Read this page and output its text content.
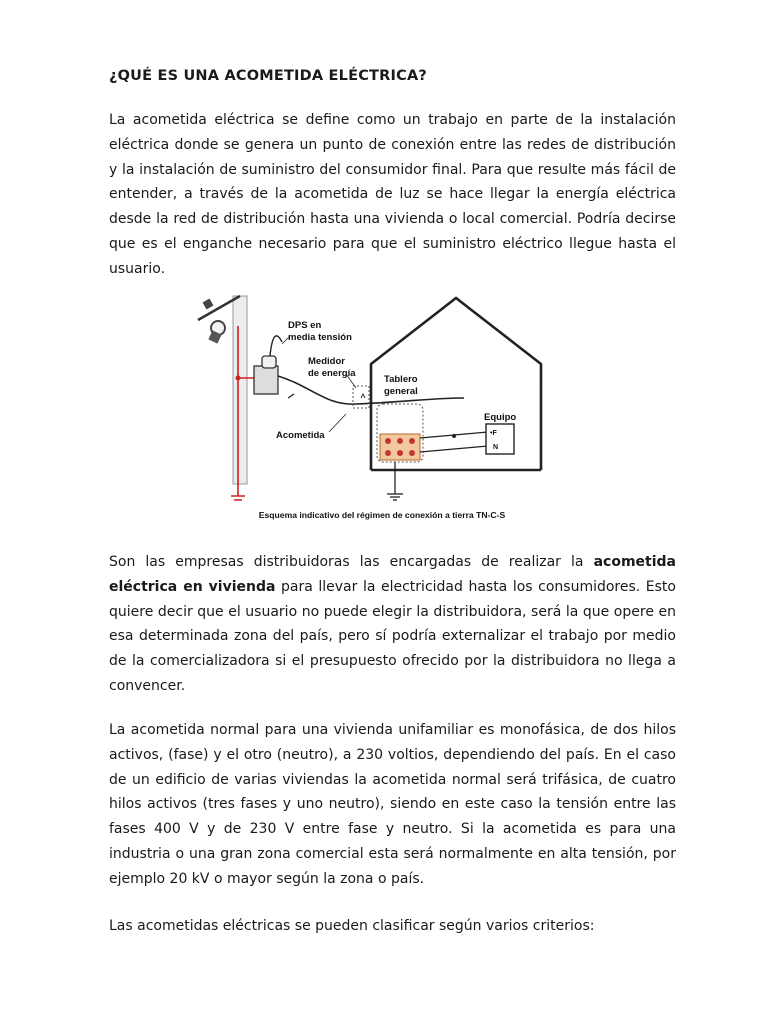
¿QUÉ ES UNA ACOMETIDA ELÉCTRICA?

La acometida eléctrica se define como un trabajo en parte de la instalación eléctrica donde se genera un punto de conexión entre las redes de distribución y la instalación de suministro del consumidor final. Para que resulte más fácil de entender, a través de la acometida de luz se hace llegar la energía eléctrica desde la red de distribución hasta una vivienda o local comercial. Podría decirse que es el enganche necesario para que el suministro eléctrico llegue hasta el usuario.

DPS en
media tensión
Medidor
de energía
Tablero
general
Acometida
Equipo
•F
N
Esquema indicativo del régimen de conexión a tierra TN-C-S

Son las empresas distribuidoras las encargadas de realizar la acometida eléctrica en vivienda para llevar la electricidad hasta los consumidores. Esto quiere decir que el usuario no puede elegir la distribuidora, será la que opere en esa determinada zona del país, pero sí podría externalizar el trabajo por medio de la comercializadora si el presupuesto ofrecido por la distribuidora no llega a convencer.

La acometida normal para una vivienda unifamiliar es monofásica, de dos hilos activos, (fase) y el otro (neutro), a 230 voltios, dependiendo del país. En el caso de un edificio de varias viviendas la acometida normal será trifásica, de cuatro hilos activos (tres fases y uno neutro), siendo en este caso la tensión entre las fases 400 V y de 230 V entre fase y neutro. Si la acometida es para una industria o una gran zona comercial esta será normalmente en alta tensión, por ejemplo 20 kV o mayor según la zona o país.

Las acometidas eléctricas se pueden clasificar según varios criterios:
